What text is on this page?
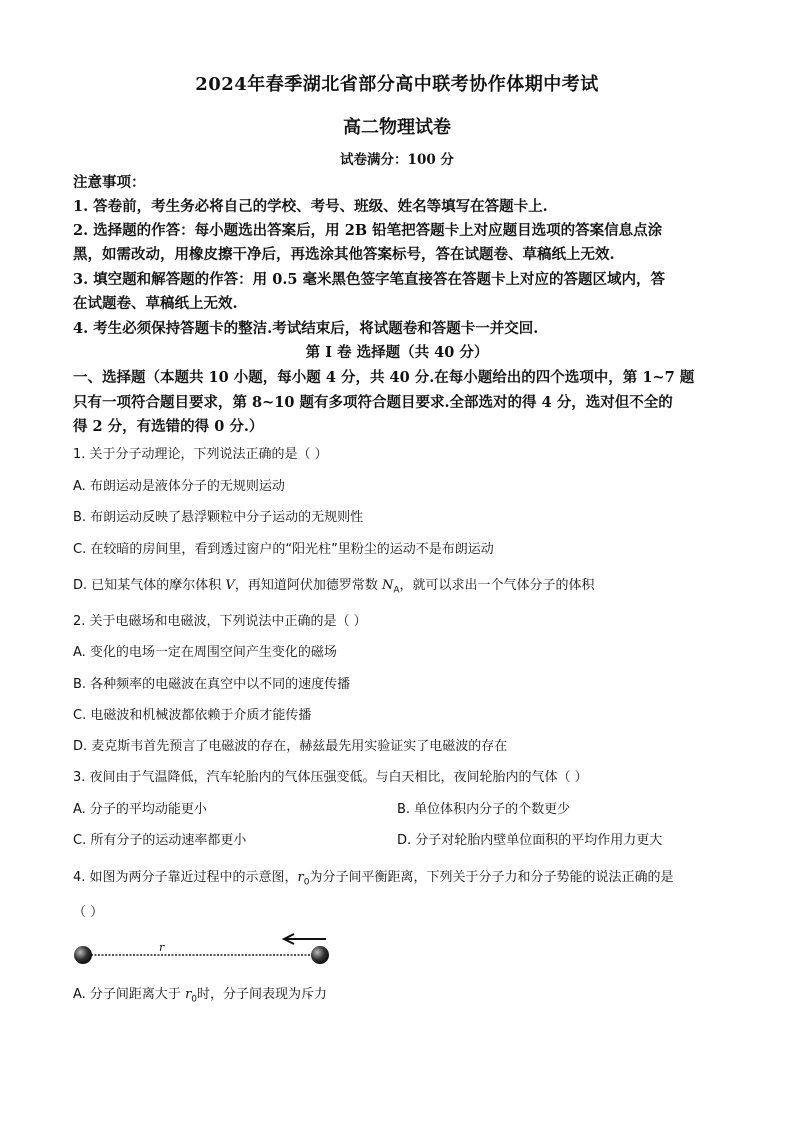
2024年春季湖北省部分高中联考协作体期中考试
高二物理试卷
试卷满分：100 分
注意事项：
1. 答卷前，考生务必将自己的学校、考号、班级、姓名等填写在答题卡上.
2. 选择题的作答：每小题选出答案后，用 2B 铅笔把答题卡上对应题目选项的答案信息点涂
黑，如需改动，用橡皮擦干净后，再选涂其他答案标号，答在试题卷、草稿纸上无效.
3. 填空题和解答题的作答：用 0.5 毫米黑色签字笔直接答在答题卡上对应的答题区域内，答
在试题卷、草稿纸上无效.
4. 考生必须保持答题卡的整洁.考试结束后，将试题卷和答题卡一并交回.
第 Ⅰ 卷 选择题（共 40 分）
一、选择题（本题共 10 小题，每小题 4 分，共 40 分.在每小题给出的四个选项中，第 1~7 题
只有一项符合题目要求，第 8~10 题有多项符合题目要求.全部选对的得 4 分，选对但不全的
得 2 分，有选错的得 0 分.）
1. 关于分子动理论，下列说法正确的是（ ）
A. 布朗运动是液体分子的无规则运动
B. 布朗运动反映了悬浮颗粒中分子运动的无规则性
C. 在较暗的房间里，看到透过窗户的“阳光柱”里粉尘的运动不是布朗运动
D. 已知某气体的摩尔体积 V，再知道阿伏加德罗常数 $N_A$，就可以求出一个气体分子的体积
2. 关于电磁场和电磁波，下列说法中正确的是（ ）
A. 变化的电场一定在周围空间产生变化的磁场
B. 各种频率的电磁波在真空中以不同的速度传播
C. 电磁波和机械波都依赖于介质才能传播
D. 麦克斯韦首先预言了电磁波的存在，赫兹最先用实验证实了电磁波的存在
3. 夜间由于气温降低，汽车轮胎内的气体压强变低。与白天相比，夜间轮胎内的气体（ ）
A. 分子的平均动能更小	B. 单位体积内分子的个数更少
C. 所有分子的运动速率都更小	D. 分子对轮胎内壁单位面积的平均作用力更大
4. 如图为两分子靠近过程中的示意图，$r_0$为分子间平衡距离，下列关于分子力和分子势能的说法正确的是
（ ）
r
A. 分子间距离大于 $r_0$时，分子间表现为斥力
